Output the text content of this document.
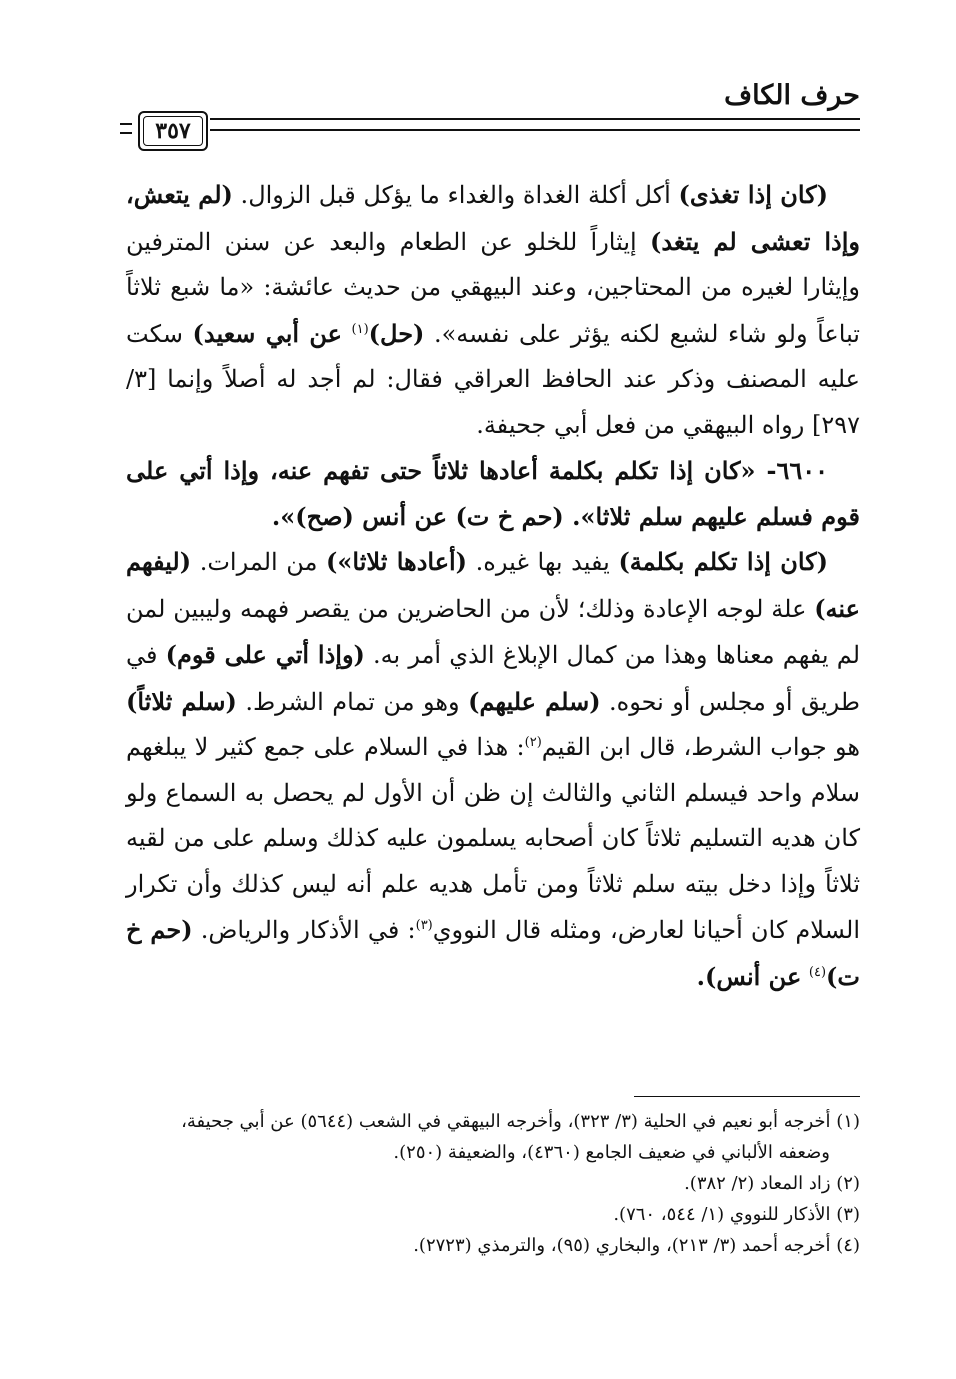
حرف الكاف
٣٥٧

(كان إذا تغذى) أكل أكلة الغداة والغداء ما يؤكل قبل الزوال. (لم يتعش، وإذا تعشى لم يتغد) إيثاراً للخلو عن الطعام والبعد عن سنن المترفين وإيثارا لغيره من المحتاجين، وعند البيهقي من حديث عائشة: «ما شبع ثلاثاً تباعاً ولو شاء لشبع لكنه يؤثر على نفسه». (حل)$^{(١)}$ عن أبي سعيد) سكت عليه المصنف وذكر عند الحافظ العراقي فقال: لم أجد له أصلاً وإنما [٣/ ٢٩٧] رواه البيهقي من فعل أبي جحيفة.

٦٦٠٠- «كان إذا تكلم بكلمة أعادها ثلاثاً حتى تفهم عنه، وإذا أتي على قوم فسلم عليهم سلم ثلاثا». (حم خ ت) عن أنس (صح)».

(كان إذا تكلم بكلمة) يفيد بها غيره. (أعادها ثلاثا») من المرات. (ليفهم عنه) علة لوجه الإعادة وذلك؛ لأن من الحاضرين من يقصر فهمه وليبين لمن لم يفهم معناها وهذا من كمال الإبلاغ الذي أمر به. (وإذا أتي على قوم) في طريق أو مجلس أو نحوه. (سلم عليهم) وهو من تمام الشرط. (سلم ثلاثاً) هو جواب الشرط، قال ابن القيم$^{(٢)}$: هذا في السلام على جمع كثير لا يبلغهم سلام واحد فيسلم الثاني والثالث إن ظن أن الأول لم يحصل به السماع ولو كان هديه التسليم ثلاثاً كان أصحابه يسلمون عليه كذلك وسلم على من لقيه ثلاثاً وإذا دخل بيته سلم ثلاثاً ومن تأمل هديه علم أنه ليس كذلك وأن تكرار السلام كان أحيانا لعارض، ومثله قال النووي$^{(٣)}$: في الأذكار والرياض. (حم خ ت)$^{(٤)}$ عن أنس).

(١) أخرجه أبو نعيم في الحلية (٣/ ٣٢٣)، وأخرجه البيهقي في الشعب (٥٦٤٤) عن أبي جحيفة،
وضعفه الألباني في ضعيف الجامع (٤٣٦٠)، والضعيفة (٢٥٠).
(٢) زاد المعاد (٢/ ٣٨٢).
(٣) الأذكار للنووي (١/ ٥٤٤، ٧٦٠).
(٤) أخرجه أحمد (٣/ ٢١٣)، والبخاري (٩٥)، والترمذي (٢٧٢٣).
